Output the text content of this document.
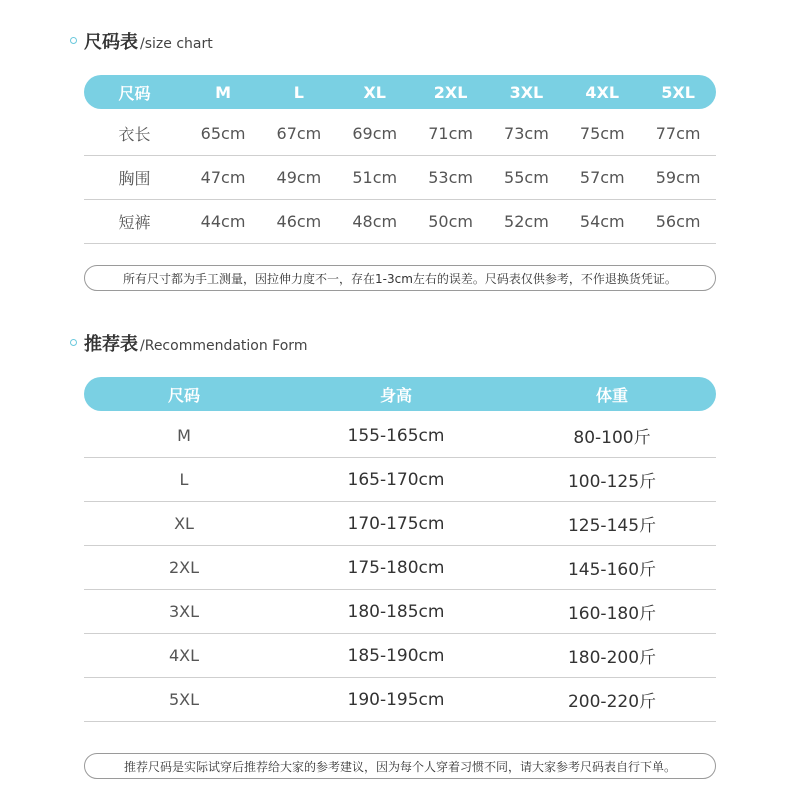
尺码表 /size chart
尺码	M	L	XL	2XL	3XL	4XL	5XL
衣长	65cm	67cm	69cm	71cm	73cm	75cm	77cm
胸围	47cm	49cm	51cm	53cm	55cm	57cm	59cm
短裤	44cm	46cm	48cm	50cm	52cm	54cm	56cm
所有尺寸都为手工测量，因拉伸力度不一，存在1-3cm左右的误差。尺码表仅供参考，不作退换货凭证。
推荐表 /Recommendation Form
尺码	身高	体重
M	155-165cm	80-100斤
L	165-170cm	100-125斤
XL	170-175cm	125-145斤
2XL	175-180cm	145-160斤
3XL	180-185cm	160-180斤
4XL	185-190cm	180-200斤
5XL	190-195cm	200-220斤
推荐尺码是实际试穿后推荐给大家的参考建议，因为每个人穿着习惯不同，请大家参考尺码表自行下单。
